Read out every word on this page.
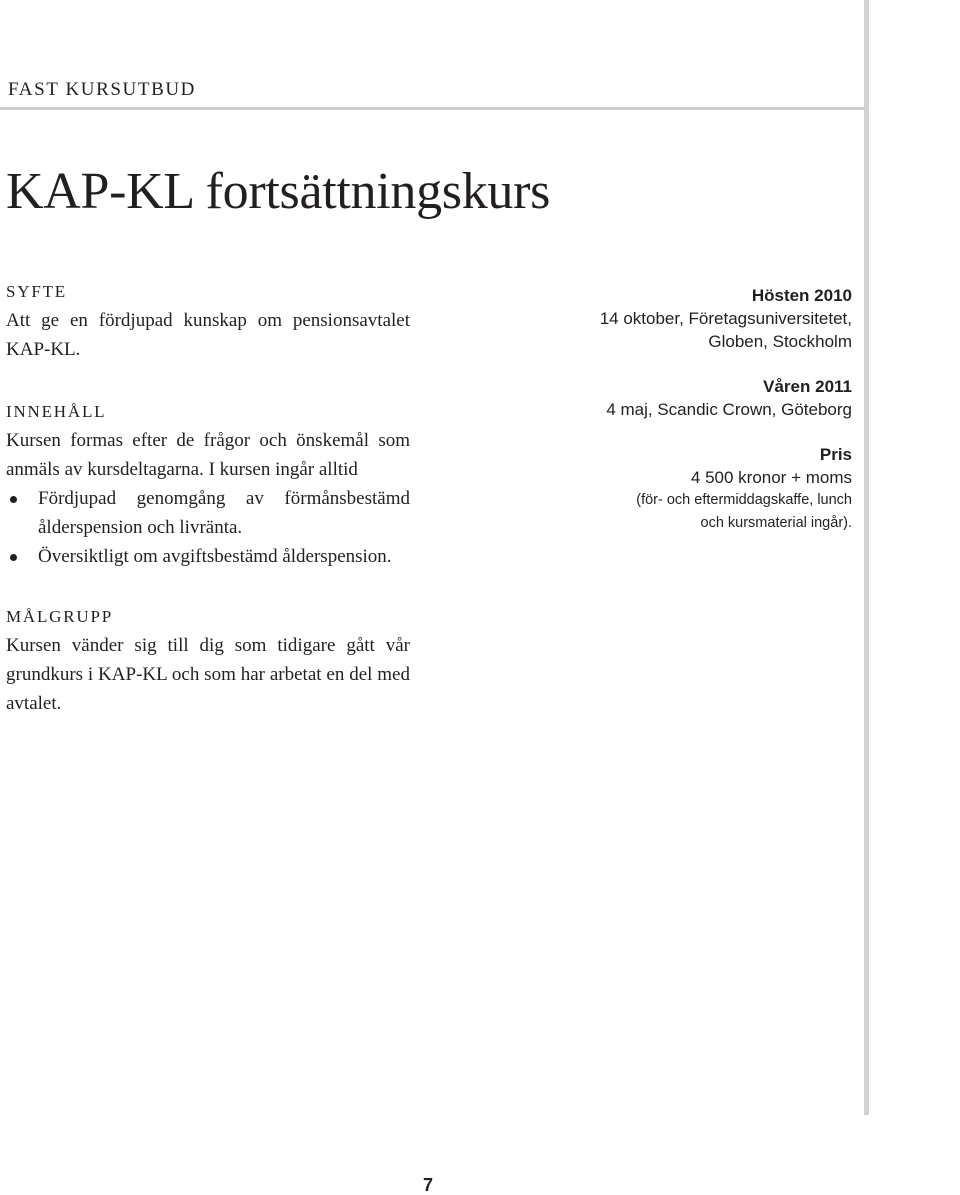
FAST KURSUTBUD
KAP-KL fortsättningskurs
SYFTE

Att ge en fördjupad kunskap om pensionsavtalet KAP-KL.

INNEHÅLL

Kursen formas efter de frågor och önskemål som anmäls av kursdeltagarna. I kursen ingår alltid

Fördjupad genomgång av förmånsbestämd ålderspension och livränta.
Översiktligt om avgiftsbestämd ålderspension.
MÅLGRUPP

Kursen vänder sig till dig som tidigare gått vår grundkurs i KAP-KL och som har arbetat en del med avtalet.

Hösten 2010
14 oktober, Företagsuniversitetet,
Globen, Stockholm
Våren 2011
4 maj, Scandic Crown, Göteborg
Pris
4 500 kronor + moms
(för- och eftermiddagskaffe, lunch
och kursmaterial ingår).
7
